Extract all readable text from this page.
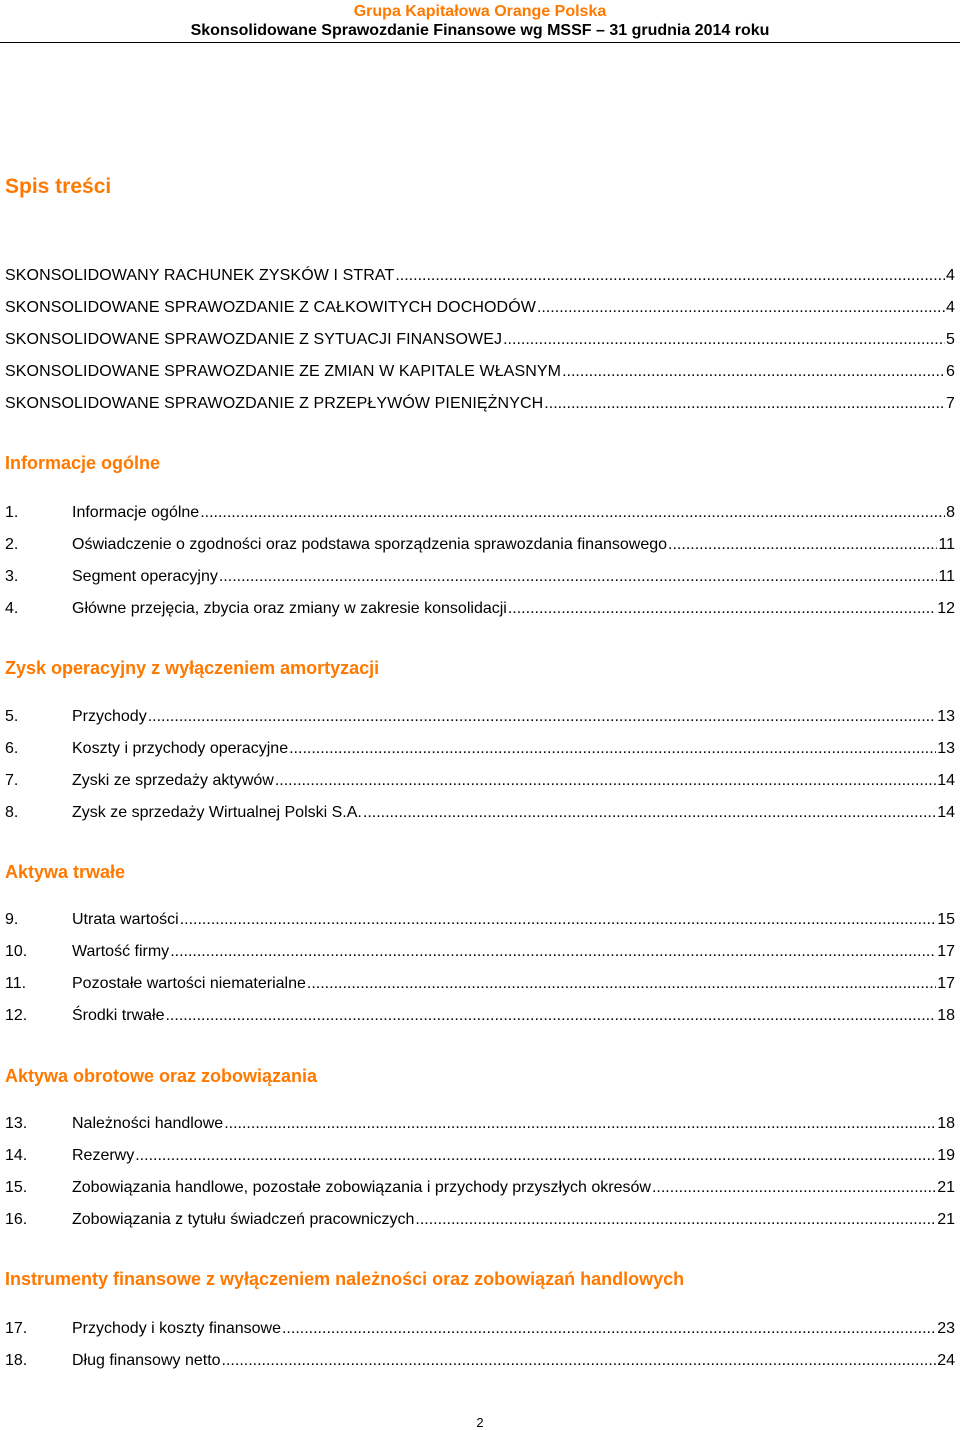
Grupa Kapitałowa Orange Polska
Skonsolidowane Sprawozdanie Finansowe wg MSSF – 31 grudnia 2014 roku
Spis treści
SKONSOLIDOWANY RACHUNEK ZYSKÓW I STRAT .....	4
SKONSOLIDOWANE SPRAWOZDANIE Z CAŁKOWITYCH DOCHODÓW .....	4
SKONSOLIDOWANE SPRAWOZDANIE Z SYTUACJI FINANSOWEJ .....	5
SKONSOLIDOWANE SPRAWOZDANIE ZE ZMIAN W KAPITALE WŁASNYM .....	6
SKONSOLIDOWANE SPRAWOZDANIE Z PRZEPŁYWÓW PIENIĘŻNYCH .....	7
Informacje ogólne
1.	Informacje ogólne .....	8
2.	Oświadczenie o zgodności oraz podstawa sporządzenia sprawozdania finansowego .....	11
3.	Segment operacyjny .....	11
4.	Główne przejęcia, zbycia oraz zmiany w zakresie konsolidacji .....	12
Zysk operacyjny z wyłączeniem amortyzacji
5.	Przychody .....	13
6.	Koszty i przychody operacyjne .....	13
7.	Zyski ze sprzedaży aktywów .....	14
8.	Zysk ze sprzedaży Wirtualnej Polski S.A. .....	14
Aktywa trwałe
9.	Utrata wartości .....	15
10.	Wartość firmy .....	17
11.	Pozostałe wartości niematerialne .....	17
12.	Środki trwałe .....	18
Aktywa obrotowe oraz zobowiązania
13.	Należności handlowe .....	18
14.	Rezerwy .....	19
15.	Zobowiązania handlowe, pozostałe zobowiązania i przychody przyszłych okresów .....	21
16.	Zobowiązania z tytułu świadczeń pracowniczych .....	21
Instrumenty finansowe z wyłączeniem należności oraz zobowiązań handlowych
17.	Przychody i koszty finansowe .....	23
18.	Dług finansowy netto .....	24
2
